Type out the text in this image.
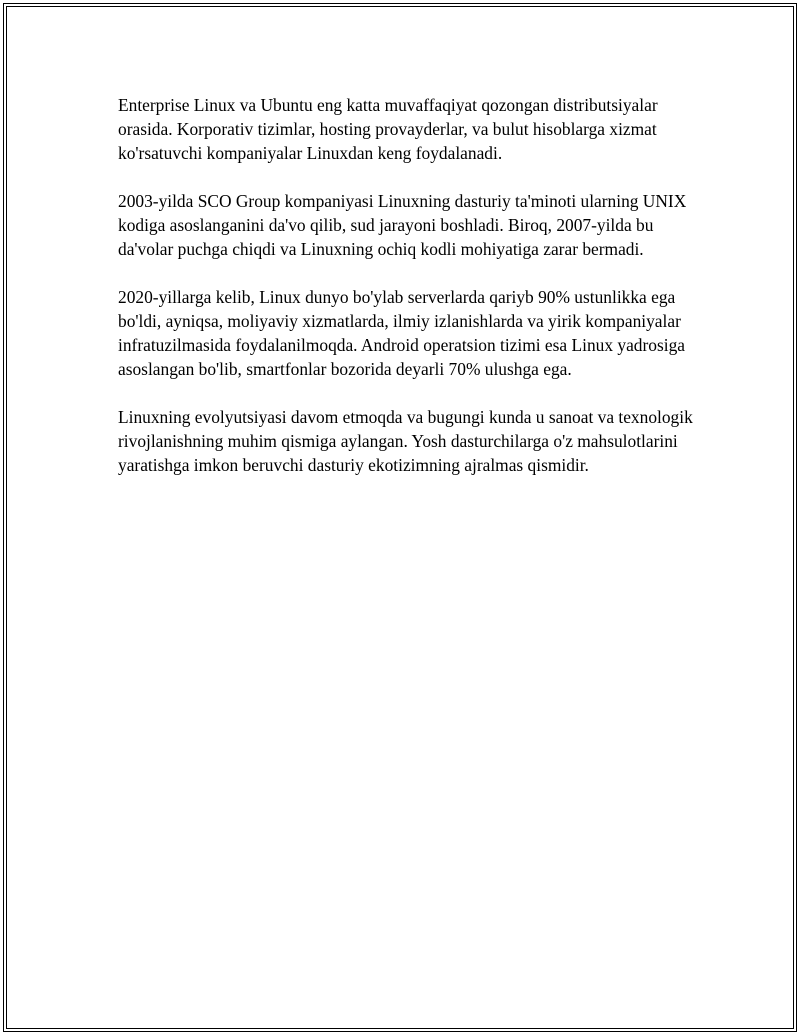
Enterprise Linux va Ubuntu eng katta muvaffaqiyat qozongan distributsiyalar orasida. Korporativ tizimlar, hosting provayderlar, va bulut hisoblarga xizmat ko'rsatuvchi kompaniyalar Linuxdan keng foydalanadi.

2003-yilda SCO Group kompaniyasi Linuxning dasturiy ta'minoti ularning UNIX kodiga asoslanganini da'vo qilib, sud jarayoni boshladi. Biroq, 2007-yilda bu da'volar puchga chiqdi va Linuxning ochiq kodli mohiyatiga zarar bermadi.

2020-yillarga kelib, Linux dunyo bo'ylab serverlarda qariyb 90% ustunlikka ega bo'ldi, ayniqsa, moliyaviy xizmatlarda, ilmiy izlanishlarda va yirik kompaniyalar infratuzilmasida foydalanilmoqda. Android operatsion tizimi esa Linux yadrosiga asoslangan bo'lib, smartfonlar bozorida deyarli 70% ulushga ega.

Linuxning evolyutsiyasi davom etmoqda va bugungi kunda u sanoat va texnologik rivojlanishning muhim qismiga aylangan. Yosh dasturchilarga o'z mahsulotlarini yaratishga imkon beruvchi dasturiy ekotizimning ajralmas qismidir.
